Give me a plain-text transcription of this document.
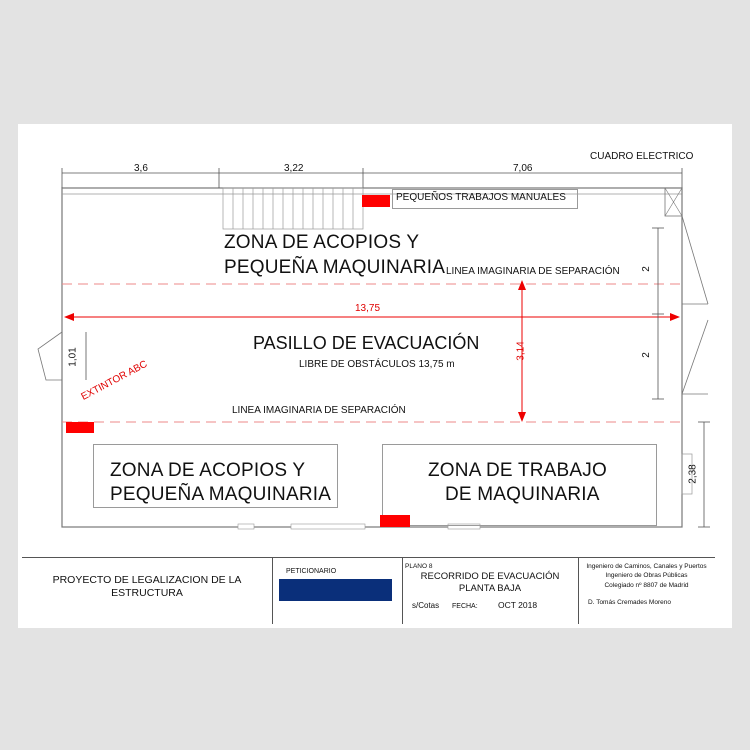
3,6	3,22	7,06
CUADRO ELECTRICO
PEQUEÑOS TRABAJOS MANUALES
ZONA DE ACOPIOS Y
PEQUEÑA MAQUINARIA LINEA IMAGINARIA DE SEPARACIÓN
13,75
PASILLO DE EVACUACIÓN
LIBRE DE OBSTÁCULOS 13,75 m
3,14
1,01
2
2
2,38
EXTINTOR ABC
LINEA IMAGINARIA DE SEPARACIÓN
ZONA DE ACOPIOS Y
PEQUEÑA MAQUINARIA
ZONA DE TRABAJO
DE MAQUINARIA
PROYECTO DE LEGALIZACION DE LA
ESTRUCTURA
PETICIONARIO
PLANO 8
RECORRIDO DE EVACUACIÓN
PLANTA BAJA
s/Cotas FECHA: OCT 2018
Ingeniero de Caminos, Canales y Puertos
Ingeniero de Obras Públicas
Colegiado nº 8807 de Madrid
D. Tomás Cremades Moreno
